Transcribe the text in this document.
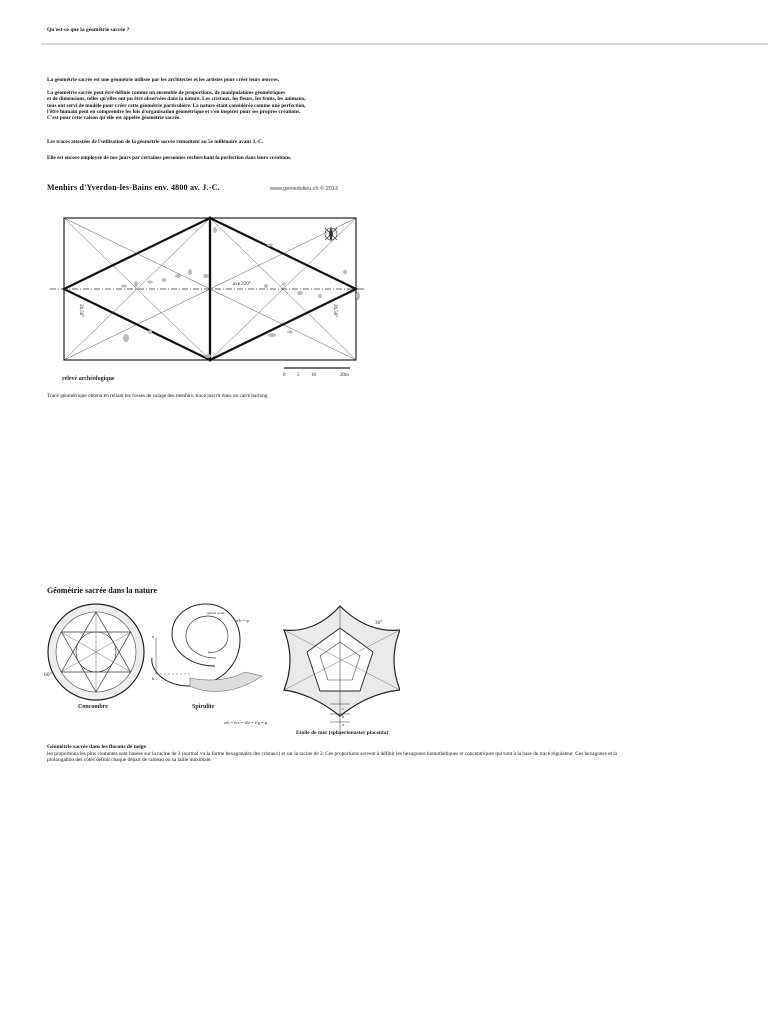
Qu'est-ce que la géométrie sacrée ?
La géométrie sacrée est une géométrie utilisée par les architectes et les artistes pour créer leurs œuvres.
La géométrie sacrée peut être définie comme un ensemble de proportions, de manipulations géométriques
et de dimensions, telles qu'elles ont pu être observées dans la nature. Les cristaux, les fleurs, les fruits, les animaux,
tous ont servi de modèle pour créer cette géométrie particulière. La nature étant considérée comme une perfection,
l'être humain peut en comprendre les lois d'organisation géométrique et s'en inspirer pour ses propres créations.
C'est pour cette raison qu'elle est appelée géométrie sacrée.
Les traces attestées de l'utilisation de la géométrie sacrée remontent au 5e millénaire avant J.-C.
Elle est encore employée de nos jours par certaines personnes recherchant la perfection dans leurs créations.
Menhirs d'Yverdon-les-Bains env. 4800 av. J.-C.	www.geniedulieu.ch © 2013
axe 229°
26,56°	26,56°
0 5 10	20m
relevé archéologique
Tracé géométrique obtenu en reliant les fosses de calage des menhirs, tracé inscrit dans un carré barlong
Géométrie sacrée dans la nature
60°
Concombre
spirale dorée
a/b = φ
a
h
Spirulite
a/b = b/c = d/e = f/g = φ
36°
c
b
a
Etoile de mer (sphaerionaster placenta)
Géométrie sacrée dans les flocons de neige
les proportions les plus courantes sont basées sur la racine de 3 (normal vu la forme hexagonales des cristaux) et sur la racine de 2. Ces proportions servent à définir les hexagones homothétiques et concentriques qui sont à la base du tracé régulateur. Ces hexagones et la
prolongation des côtés définit chaque départ de rameau ou sa taille maximale.
